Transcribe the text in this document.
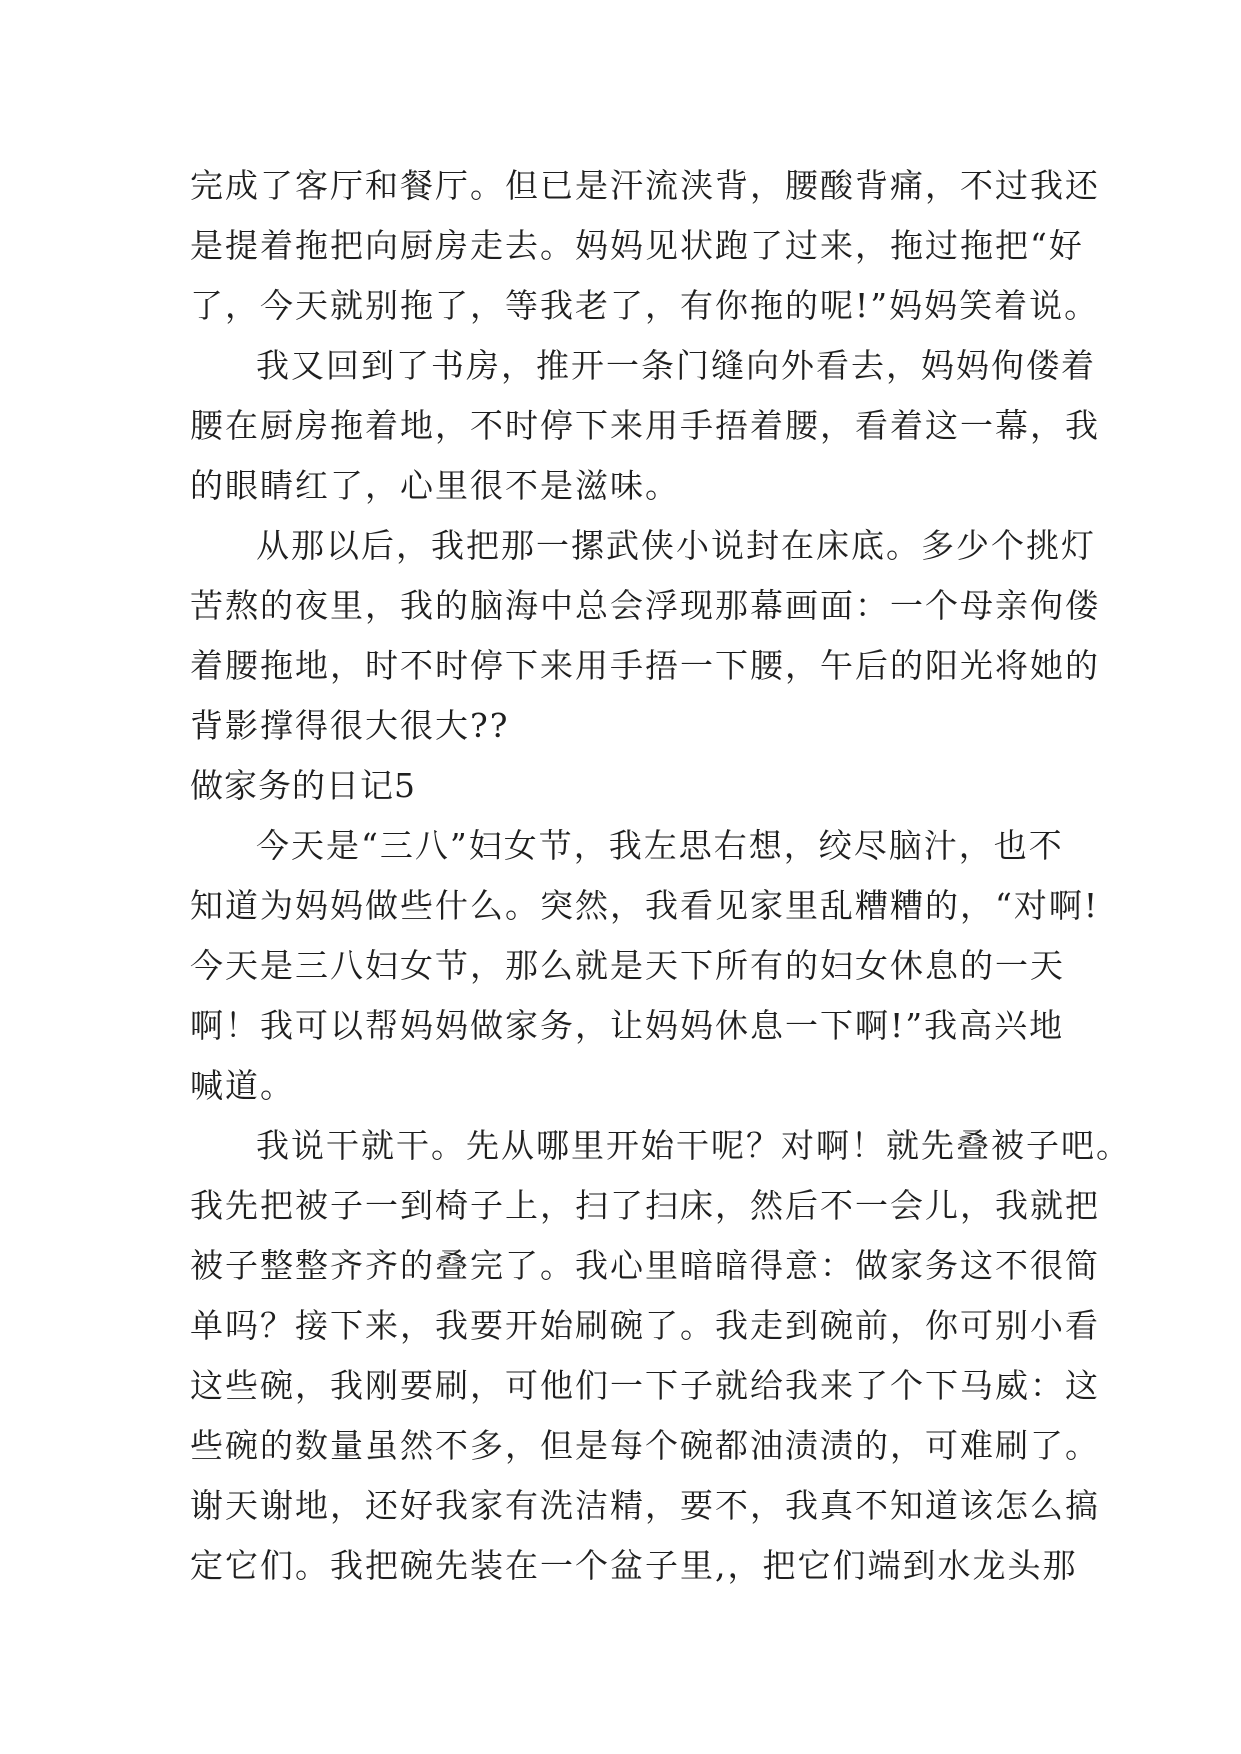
完成了客厅和餐厅。但已是汗流浃背，腰酸背痛，不过我还
是提着拖把向厨房走去。妈妈见状跑了过来，拖过拖把“好
了，今天就别拖了，等我老了，有你拖的呢!”妈妈笑着说。
我又回到了书房，推开一条门缝向外看去，妈妈佝偻着
腰在厨房拖着地，不时停下来用手捂着腰，看着这一幕，我
的眼睛红了，心里很不是滋味。
从那以后，我把那一摞武侠小说封在床底。多少个挑灯
苦熬的夜里，我的脑海中总会浮现那幕画面：一个母亲佝偻
着腰拖地，时不时停下来用手捂一下腰，午后的阳光将她的
背影撑得很大很大??
做家务的日记5
今天是“三八”妇女节，我左思右想，绞尽脑汁，也不
知道为妈妈做些什么。突然，我看见家里乱糟糟的，“对啊!
今天是三八妇女节，那么就是天下所有的妇女休息的一天
啊！我可以帮妈妈做家务，让妈妈休息一下啊!”我高兴地
喊道。
我说干就干。先从哪里开始干呢？对啊！就先叠被子吧。
我先把被子一到椅子上，扫了扫床，然后不一会儿，我就把
被子整整齐齐的叠完了。我心里暗暗得意：做家务这不很简
单吗？接下来，我要开始刷碗了。我走到碗前，你可别小看
这些碗，我刚要刷，可他们一下子就给我来了个下马威：这
些碗的数量虽然不多，但是每个碗都油渍渍的，可难刷了。
谢天谢地，还好我家有洗洁精，要不，我真不知道该怎么搞
定它们。我把碗先装在一个盆子里,，把它们端到水龙头那
